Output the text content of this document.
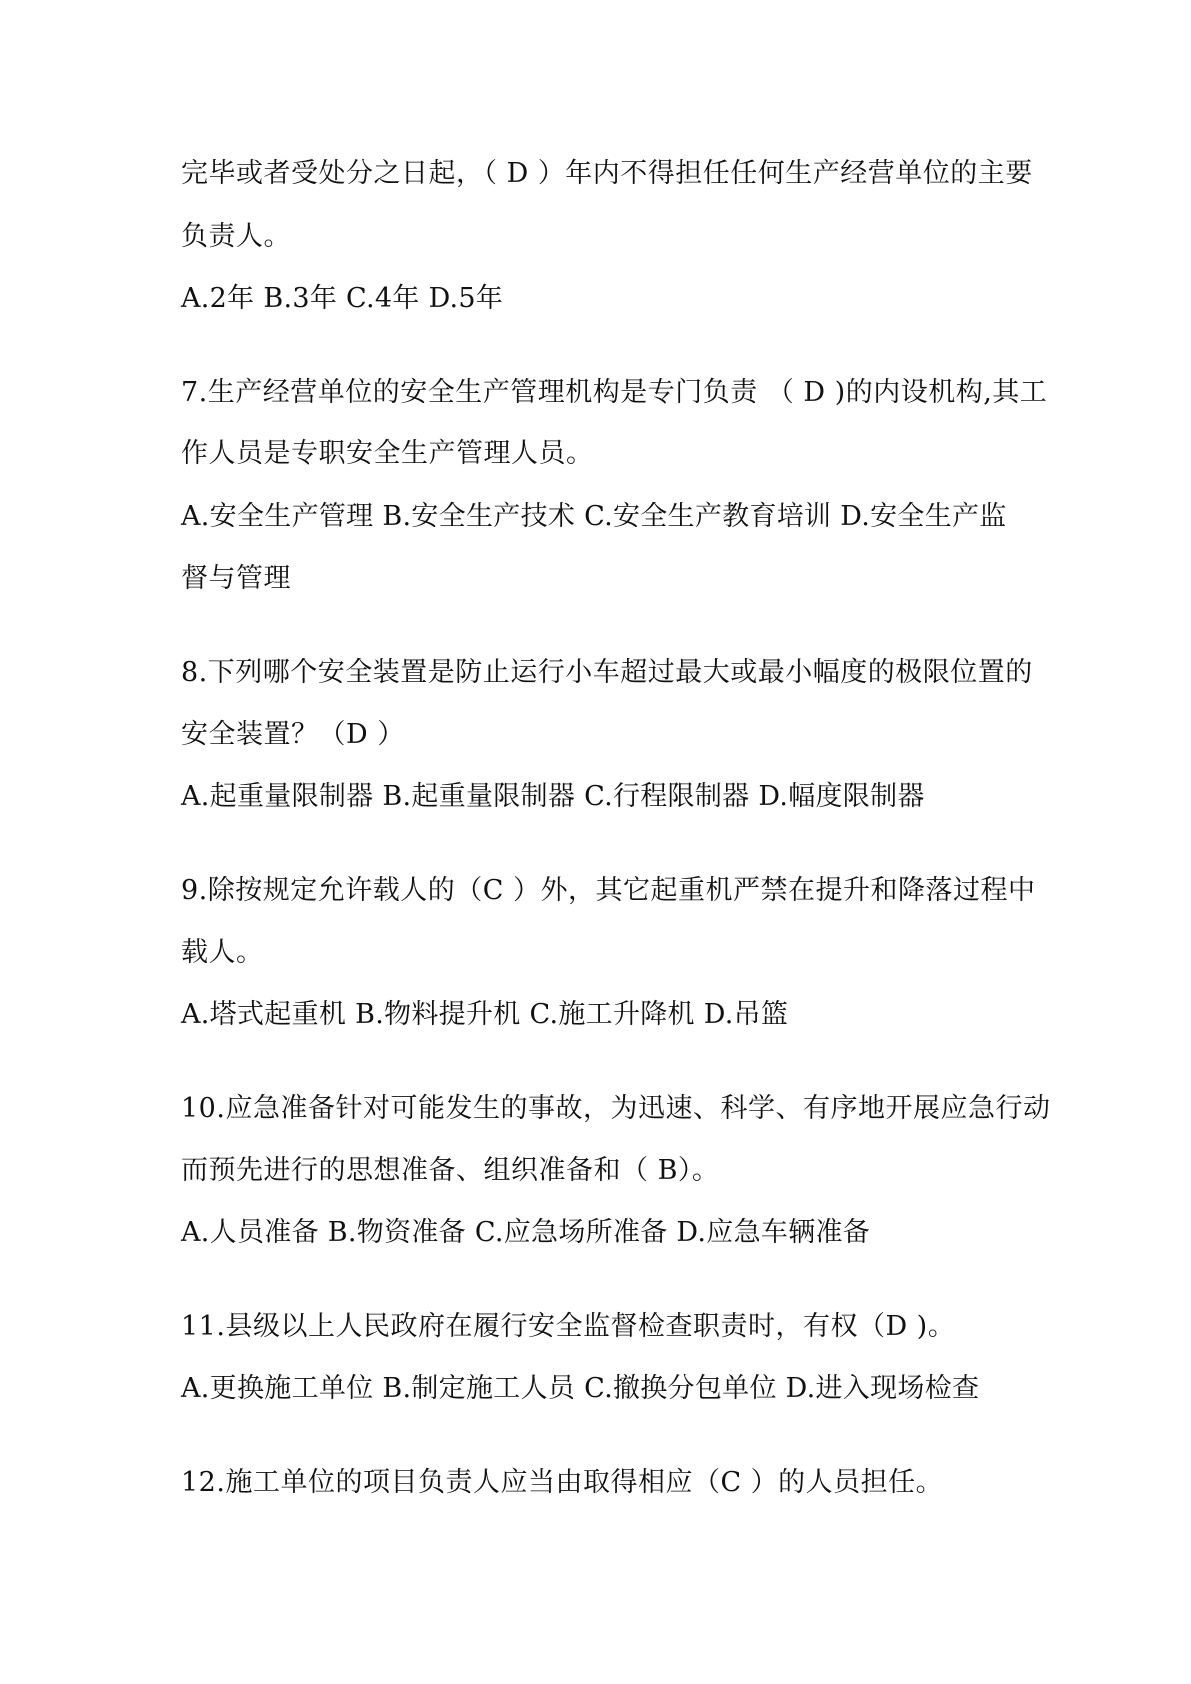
完毕或者受处分之日起，（ D ）年内不得担任任何生产经营单位的主要
负责人。
A.2年 B.3年 C.4年 D.5年
7.生产经营单位的安全生产管理机构是专门负责 （ D )的内设机构,其工
作人员是专职安全生产管理人员。
A.安全生产管理 B.安全生产技术 C.安全生产教育培训 D.安全生产监
督与管理
8.下列哪个安全装置是防止运行小车超过最大或最小幅度的极限位置的
安全装置？（D ）
A.起重量限制器 B.起重量限制器 C.行程限制器 D.幅度限制器
9.除按规定允许载人的（C ）外，其它起重机严禁在提升和降落过程中
载人。
A.塔式起重机 B.物料提升机 C.施工升降机 D.吊篮
10.应急准备针对可能发生的事故，为迅速、科学、有序地开展应急行动
而预先进行的思想准备、组织准备和（ B）。
A.人员准备 B.物资准备 C.应急场所准备 D.应急车辆准备
11.县级以上人民政府在履行安全监督检查职责时，有权（D )。
A.更换施工单位 B.制定施工人员 C.撤换分包单位 D.进入现场检查
12.施工单位的项目负责人应当由取得相应（C ）的人员担任。
